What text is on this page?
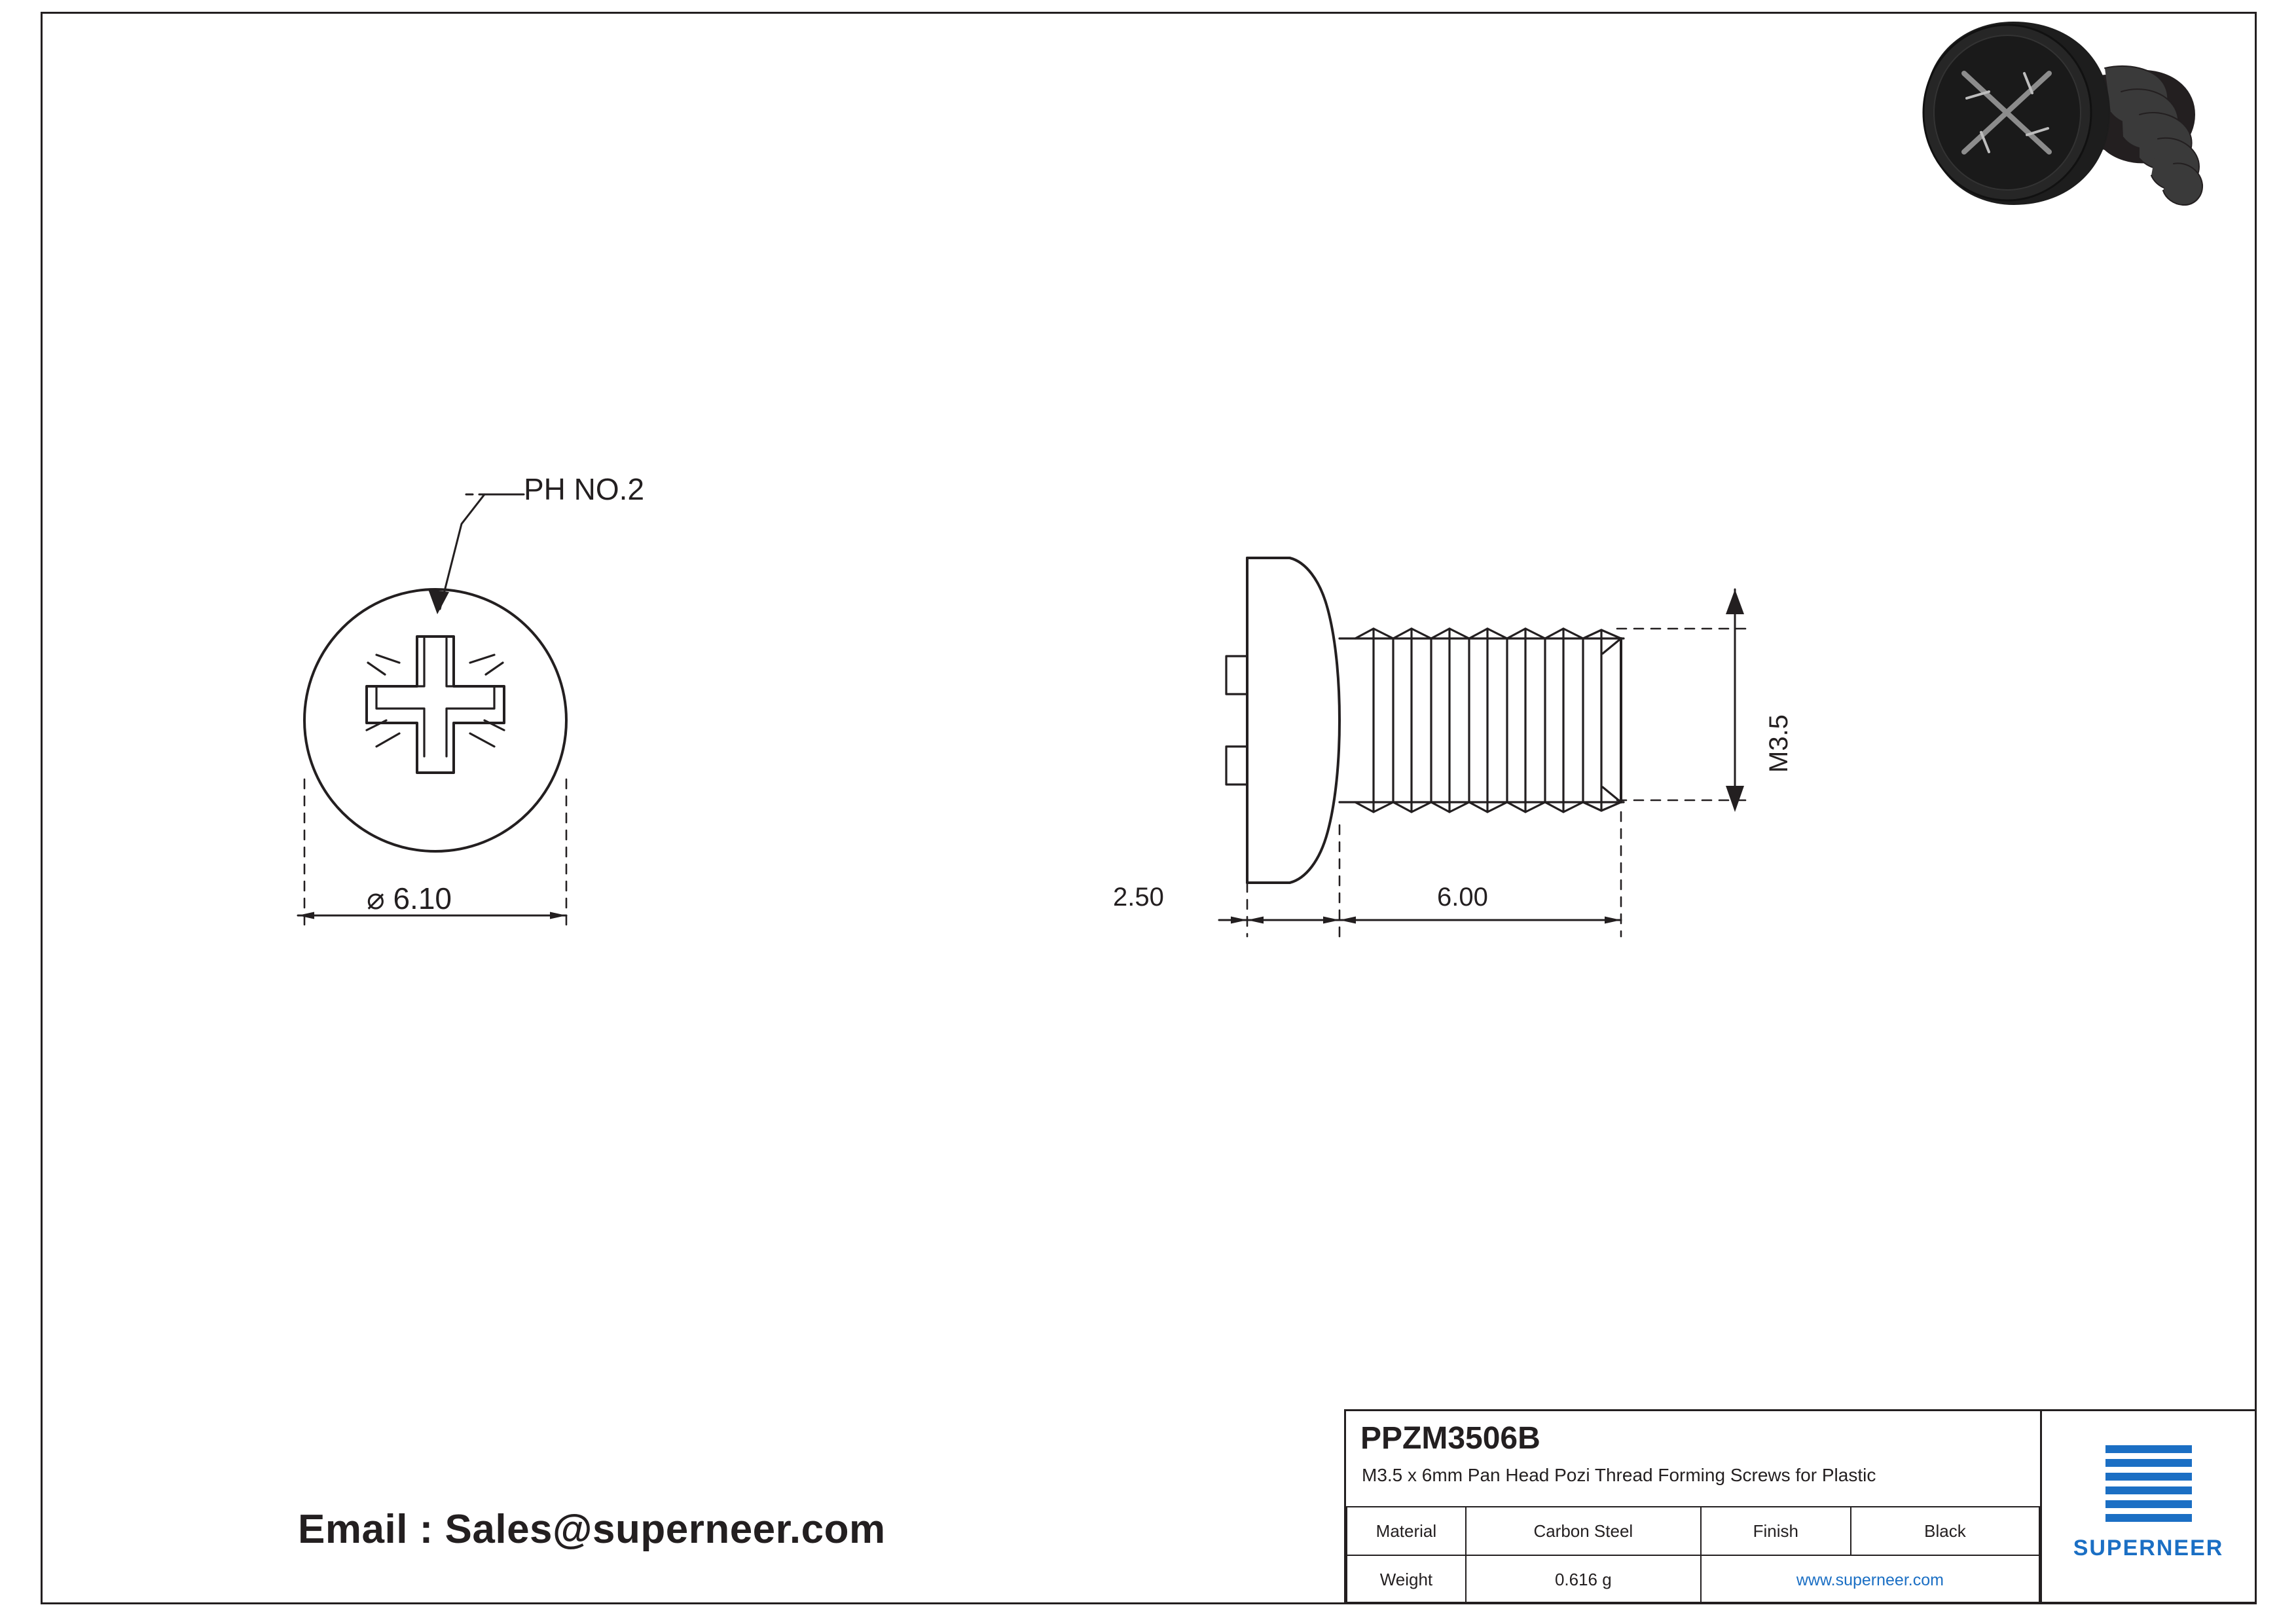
PH NO.2
⌀ 6.10	2.50	6.00
M3.5
Email : Sales@superneer.com
PPZM3506B
M3.5 x 6mm Pan Head Pozi Thread Forming Screws for Plastic
Material	Carbon Steel	Finish	Black
Weight	0.616 g	www.superneer.com	
SUPERNEER
